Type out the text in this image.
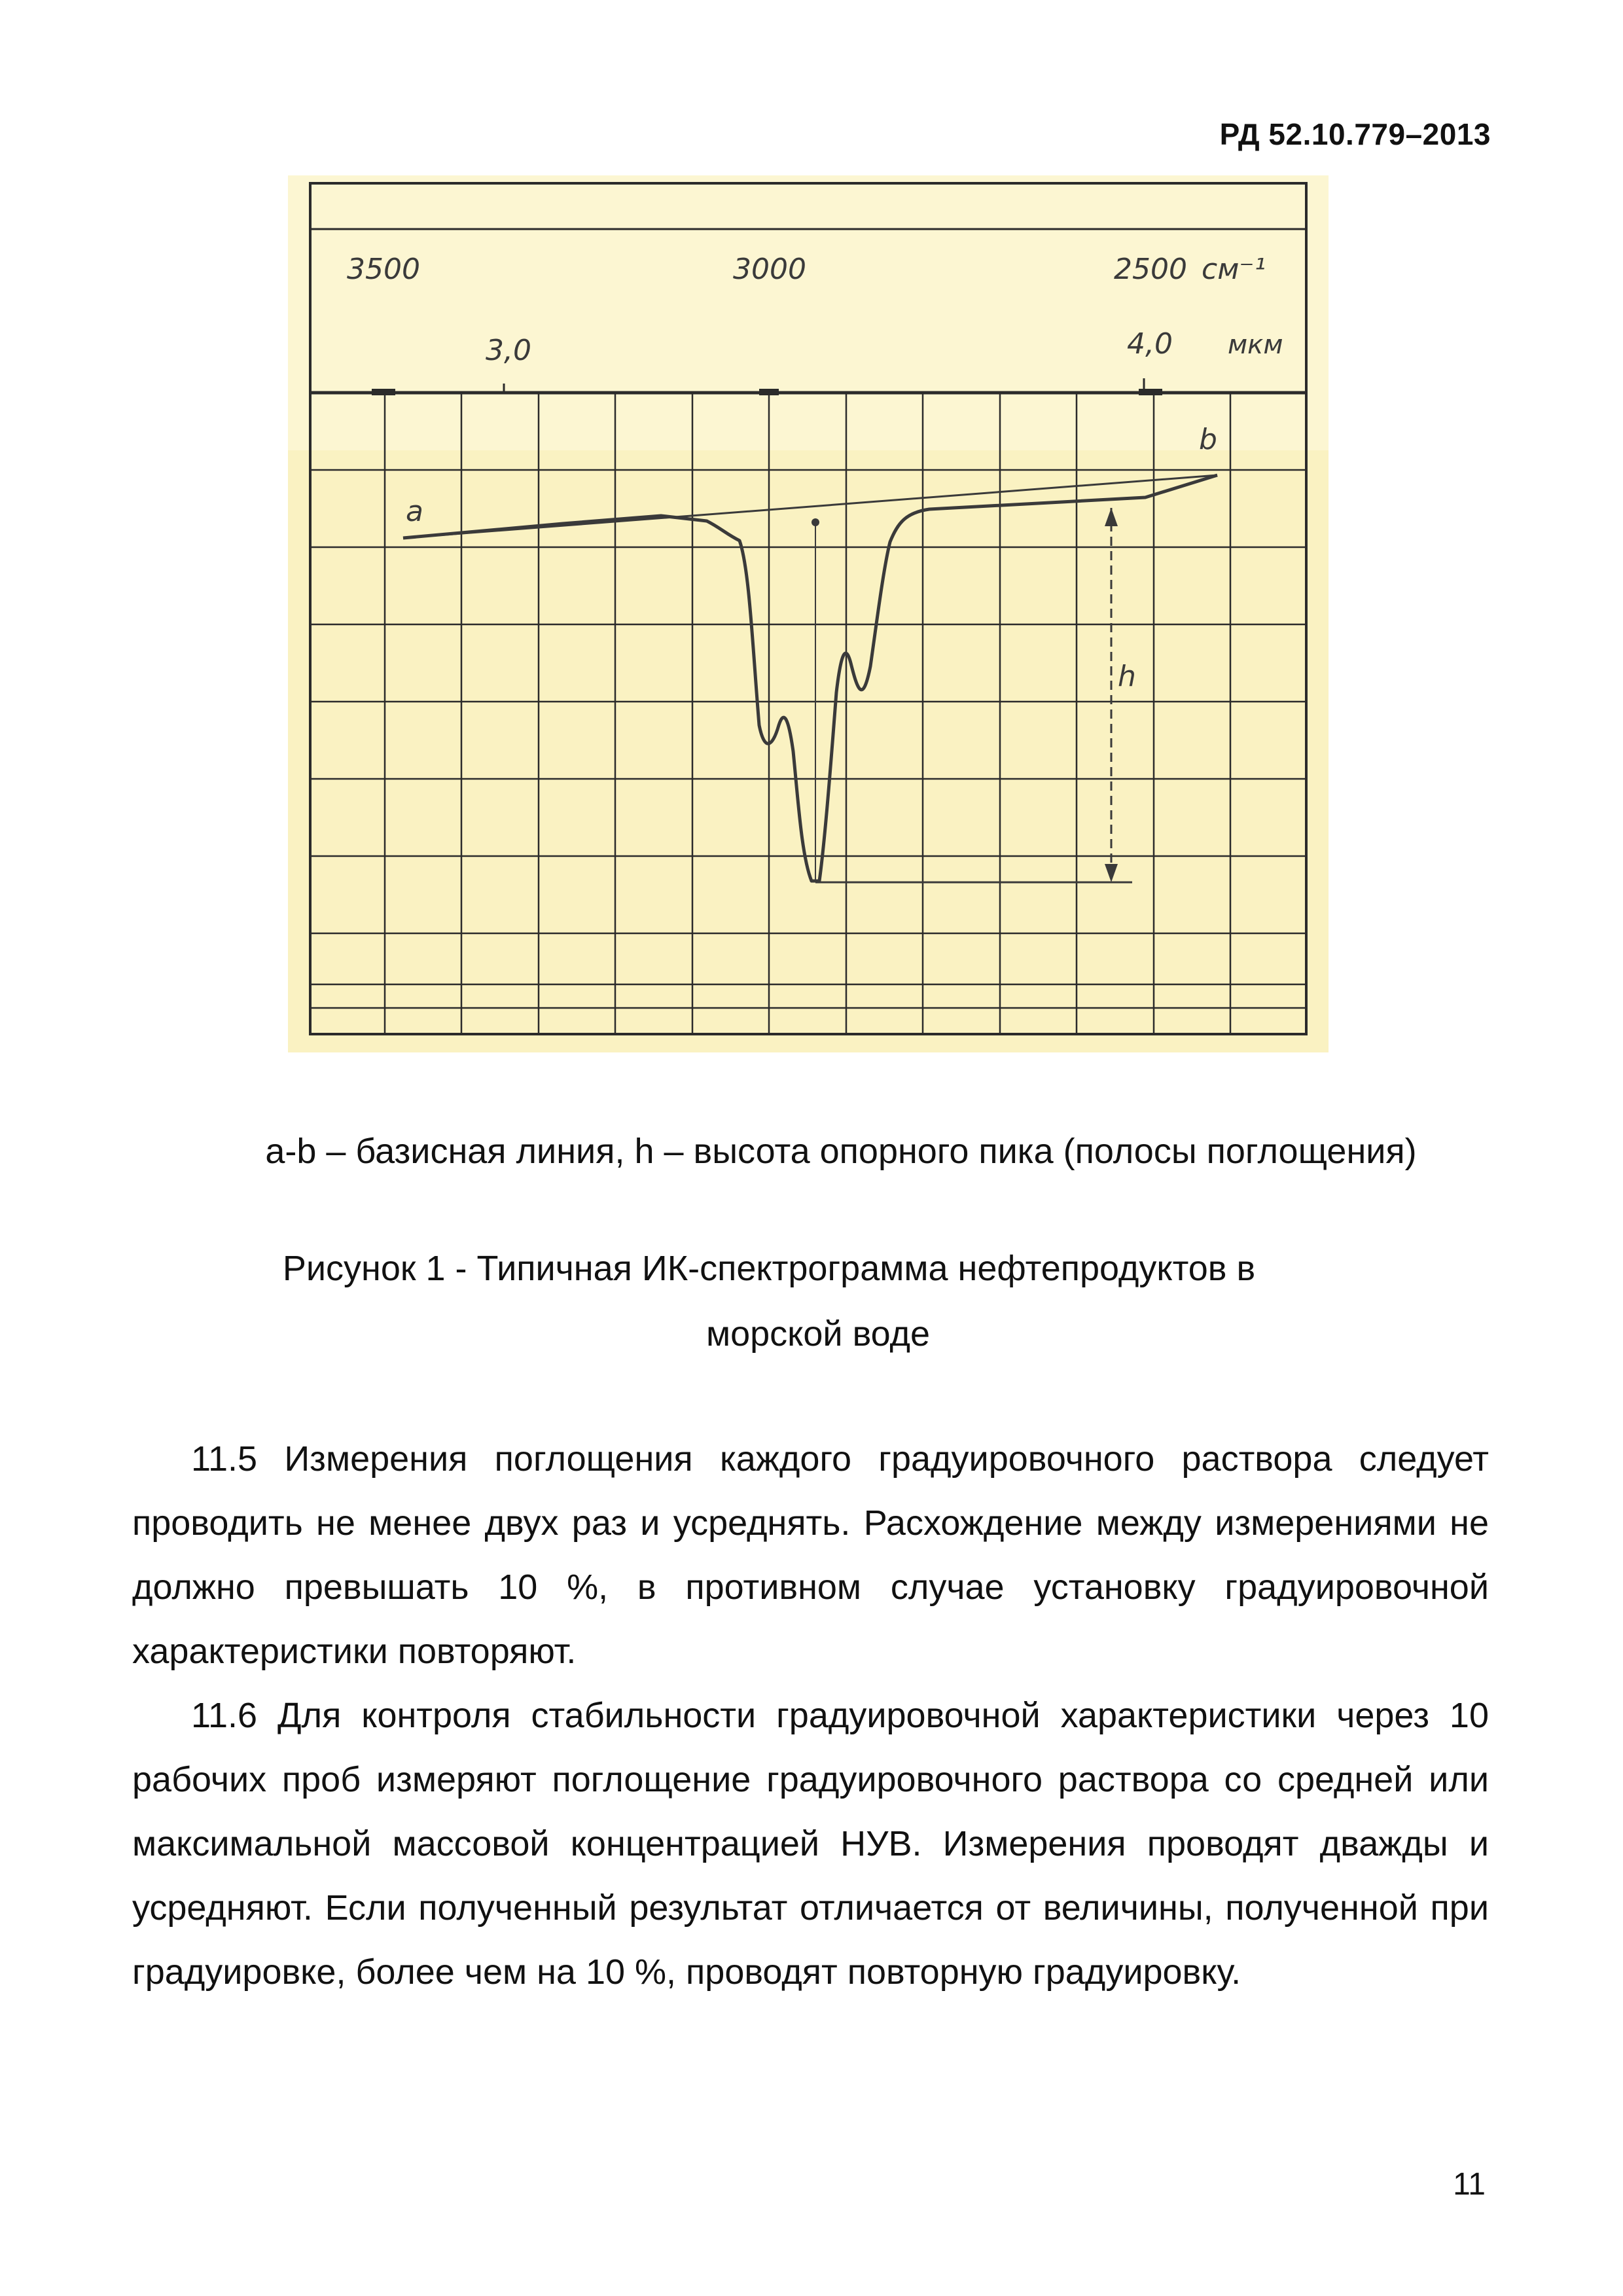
РД 52.10.779–2013
3500	3000	2500 см⁻¹
3,0	4,0 мкм
a
b
h
a-b – базисная линия, h – высота опорного пика (полосы поглощения)
Рисунок 1 - Типичная ИК-спектрограмма нефтепродуктов в
морской воде
11.5 Измерения поглощения каждого градуировочного раствора следует проводить не менее двух раз и усреднять. Расхождение между измерениями не должно превышать 10 %, в противном случае установку градуировочной характеристики повторяют.
11.6 Для контроля стабильности градуировочной характеристики через 10 рабочих проб измеряют поглощение градуировочного раствора со средней или максимальной массовой концентрацией НУВ. Измерения проводят дважды и усредняют. Если полученный результат отличается от величины, полученной при градуировке, более чем на 10 %, проводят повторную градуировку.
11
